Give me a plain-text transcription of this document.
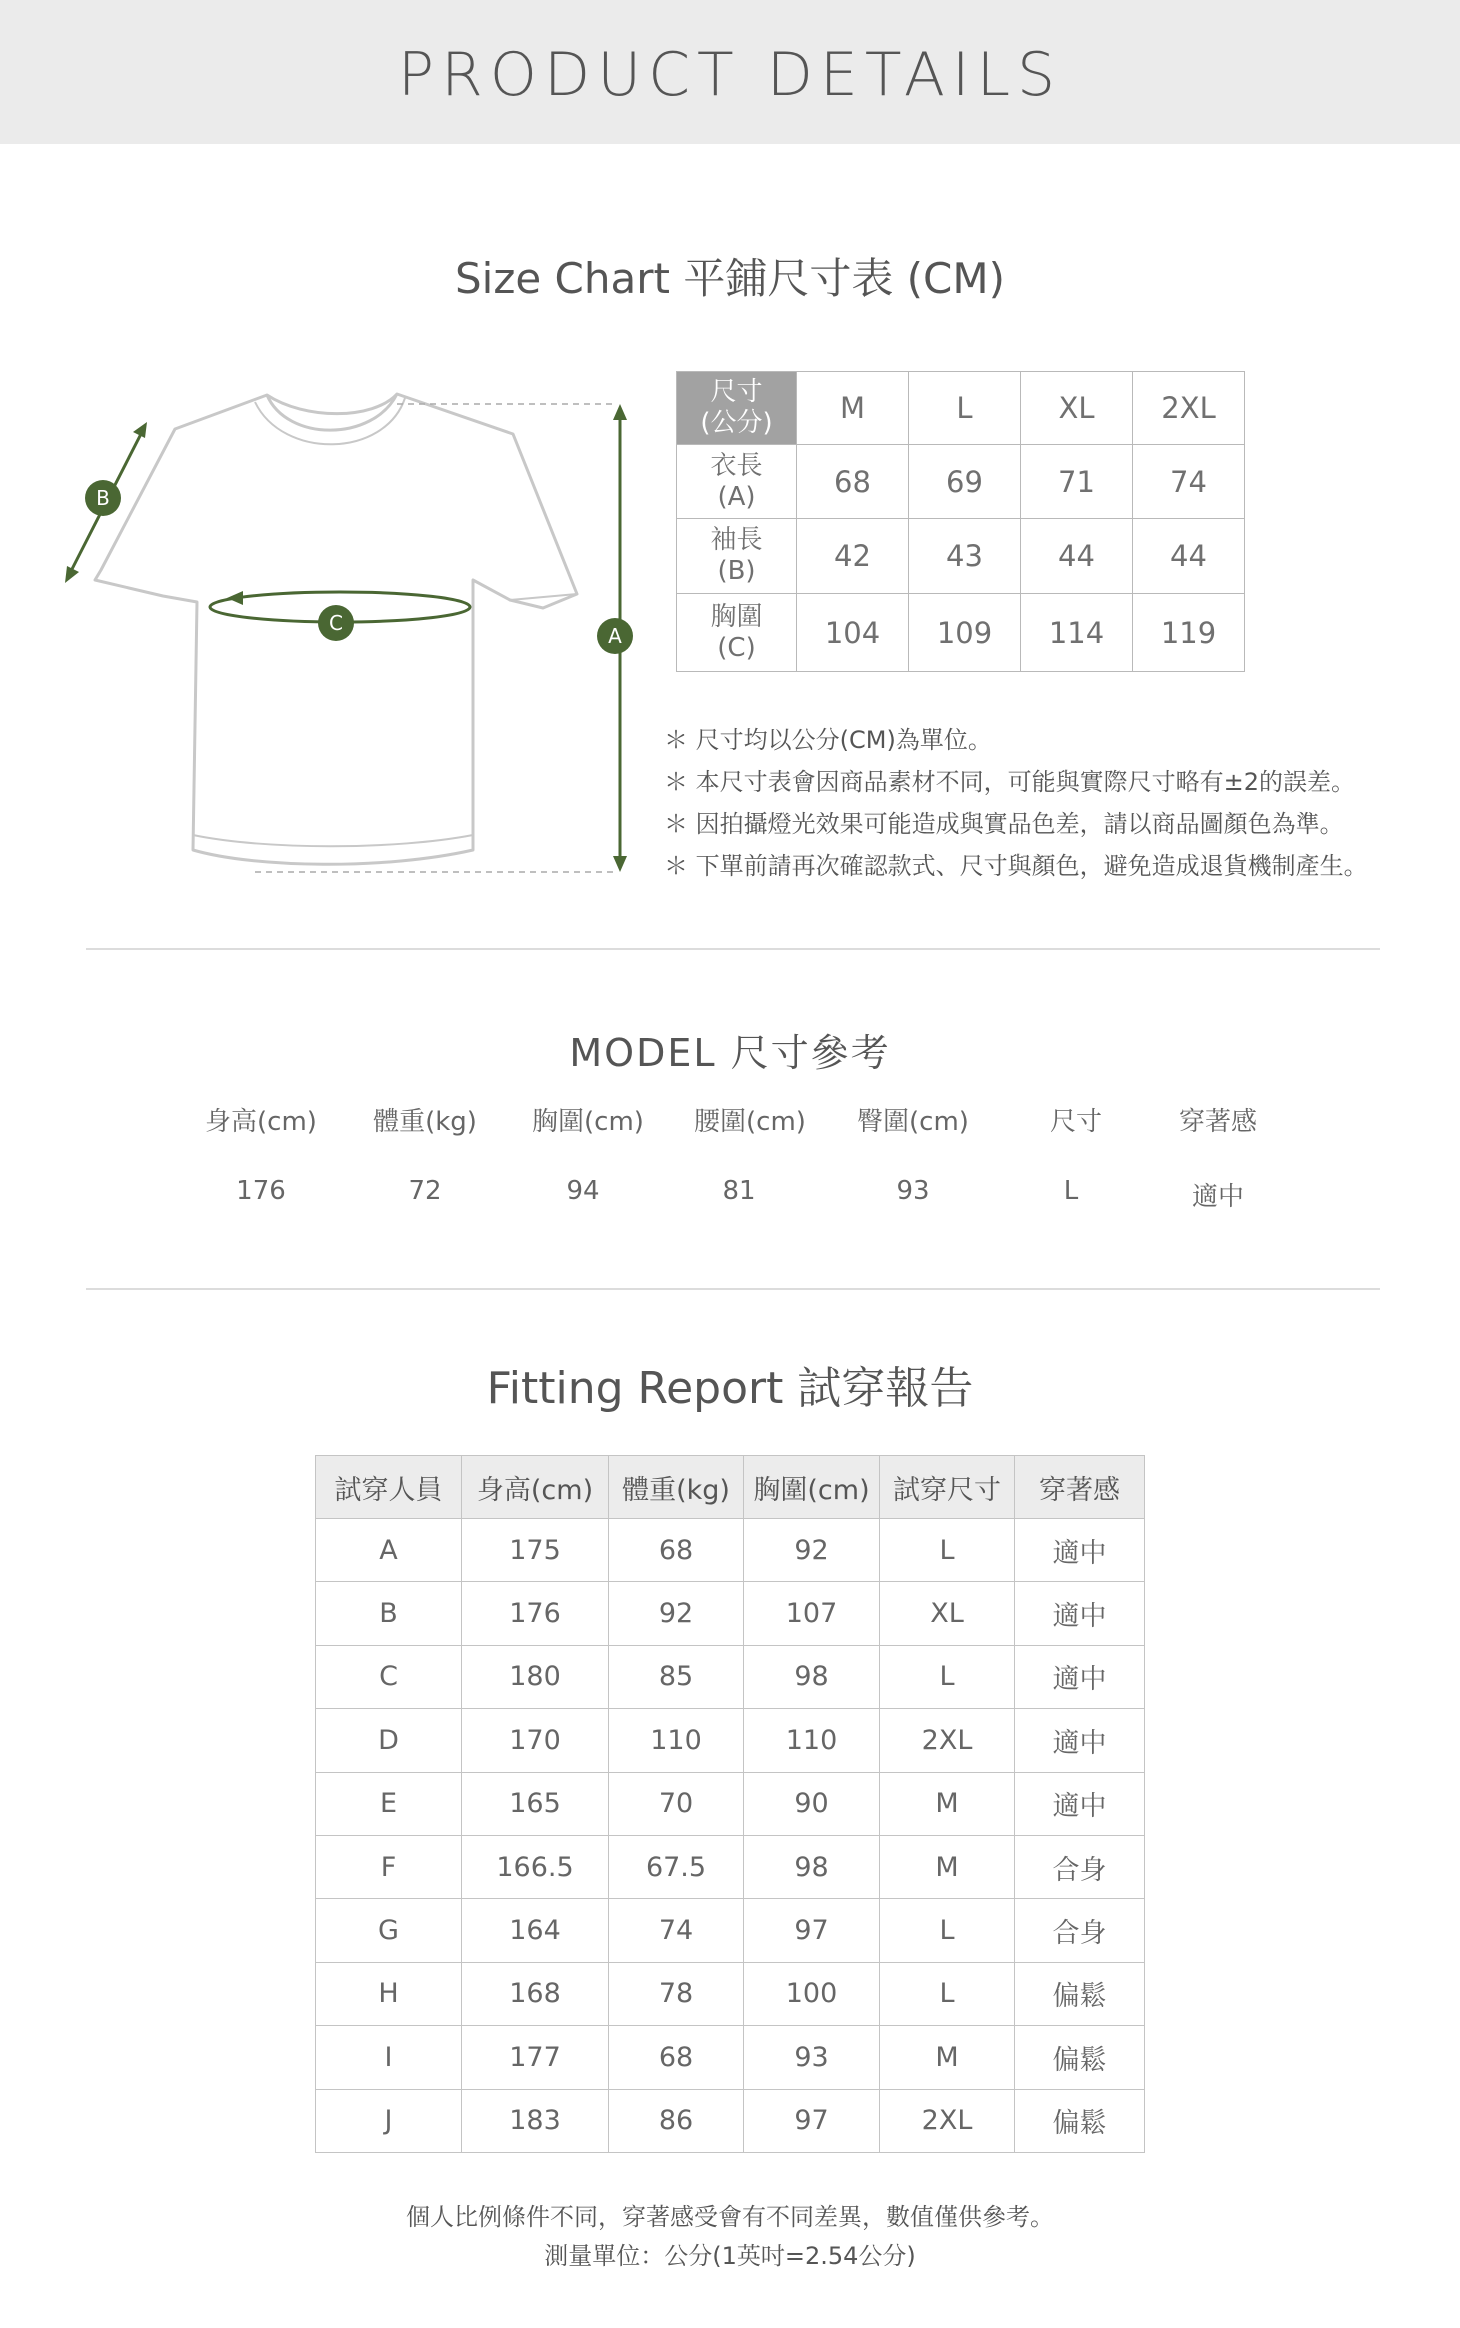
PRODUCT DETAILS
Size Chart 平鋪尺寸表 (CM)
B
C
A
尺寸
(公分)	M	L	XL	2XL

衣長
(A)	68	69	71	74

袖長
(B)	42	43	44	44

胸圍
(C)	104	109	114	119
＊ 尺寸均以公分(CM)為單位。
＊ 本尺寸表會因商品素材不同，可能與實際尺寸略有±2的誤差。
＊ 因拍攝燈光效果可能造成與實品色差，請以商品圖顏色為準。
＊ 下單前請再次確認款式、尺寸與顏色，避免造成退貨機制產生。
MODEL 尺寸參考
身高(cm)	體重(kg)	胸圍(cm)	腰圍(cm)	臀圍(cm)	尺寸	穿著感
176	72	94	81	93	L	適中
Fitting Report 試穿報告
試穿人員	身高(cm)	體重(kg)	胸圍(cm)	試穿尺寸	穿著感
A	175	68	92	L	適中
B	176	92	107	XL	適中
C	180	85	98	L	適中
D	170	110	110	2XL	適中
E	165	70	90	M	適中
F	166.5	67.5	98	M	合身
G	164	74	97	L	合身
H	168	78	100	L	偏鬆
I	177	68	93	M	偏鬆
J	183	86	97	2XL	偏鬆
個人比例條件不同，穿著感受會有不同差異，數值僅供參考。
測量單位：公分(1英吋=2.54公分)
